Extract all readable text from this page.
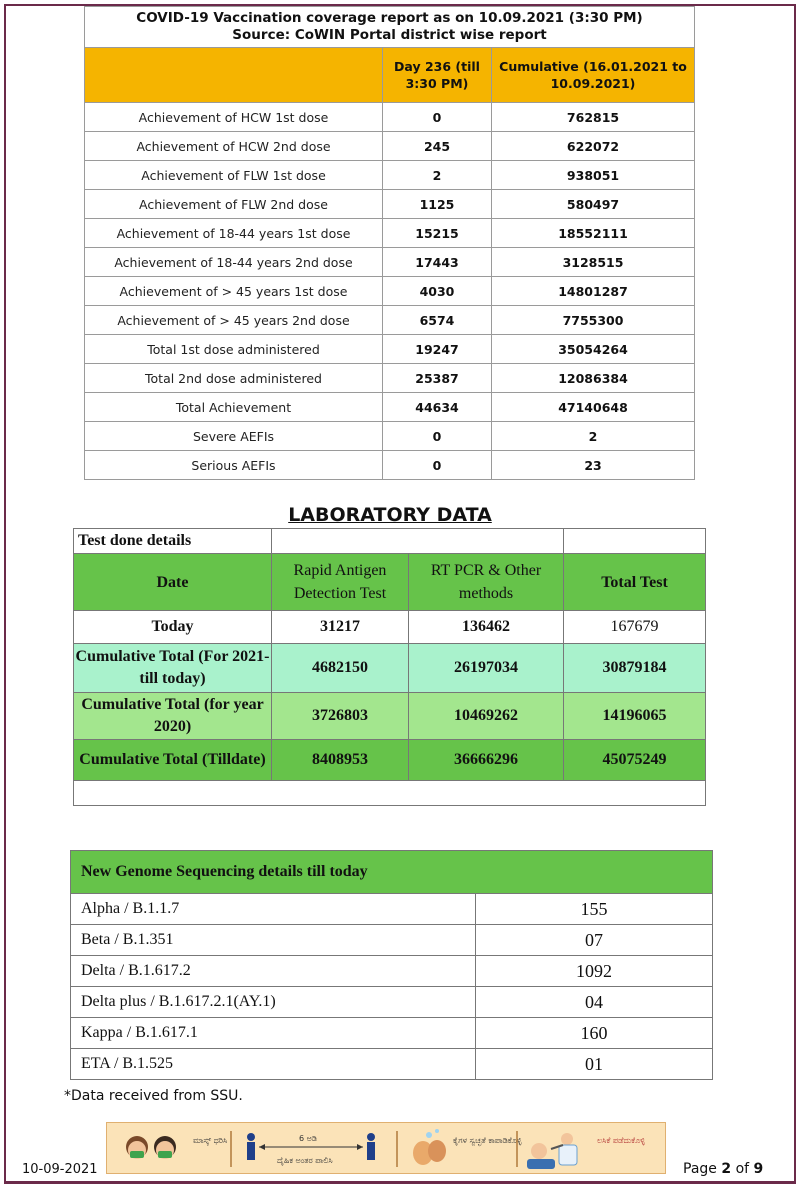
COVID-19 Vaccination coverage report as on 10.09.2021 (3:30 PM)
Source: CoWIN Portal district wise report		

	Day 236 (till 3:30 PM)	Cumulative (16.01.2021 to 10.09.2021)
Achievement of HCW 1st dose	0	762815
Achievement of HCW 2nd dose	245	622072
Achievement of FLW 1st dose	2	938051
Achievement of FLW 2nd dose	1125	580497
Achievement of 18-44 years 1st dose	15215	18552111
Achievement of 18-44 years 2nd dose	17443	3128515
Achievement of > 45 years 1st dose	4030	14801287
Achievement of > 45 years 2nd dose	6574	7755300
Total 1st dose administered	19247	35054264
Total 2nd dose administered	25387	12086384
Total Achievement	44634	47140648
Severe AEFIs	0	2
Serious AEFIs	0	23
LABORATORY DATA
Test done details			
Date	Rapid Antigen Detection Test	RT PCR & Other methods	Total Test
Today	31217	136462	167679
Cumulative Total (For 2021- till today)	4682150	26197034	30879184
Cumulative Total (for year 2020)	3726803	10469262	14196065
Cumulative Total (Tilldate)	8408953	36666296	45075249

New Genome Sequencing details till today	
Alpha / B.1.1.7	155
Beta / B.1.351	07
Delta / B.1.617.2	1092
Delta plus / B.1.617.2.1(AY.1)	04
Kappa / B.1.617.1	160
ETA / B.1.525	01
*Data received from SSU.
ಮಾಸ್ಕ್ ಧರಿಸಿ	6 ಅಡಿ
ದೈಹಿಕ ಅಂತರ ಪಾಲಿಸಿ
ಕೈಗಳ ಸ್ವಚ್ಛತೆ ಕಾಪಾಡಿಕೊಳ್ಳಿ	ಲಸಿಕೆ ಪಡೆದುಕೊಳ್ಳಿ
10-09-2021	Page 2 of 9
